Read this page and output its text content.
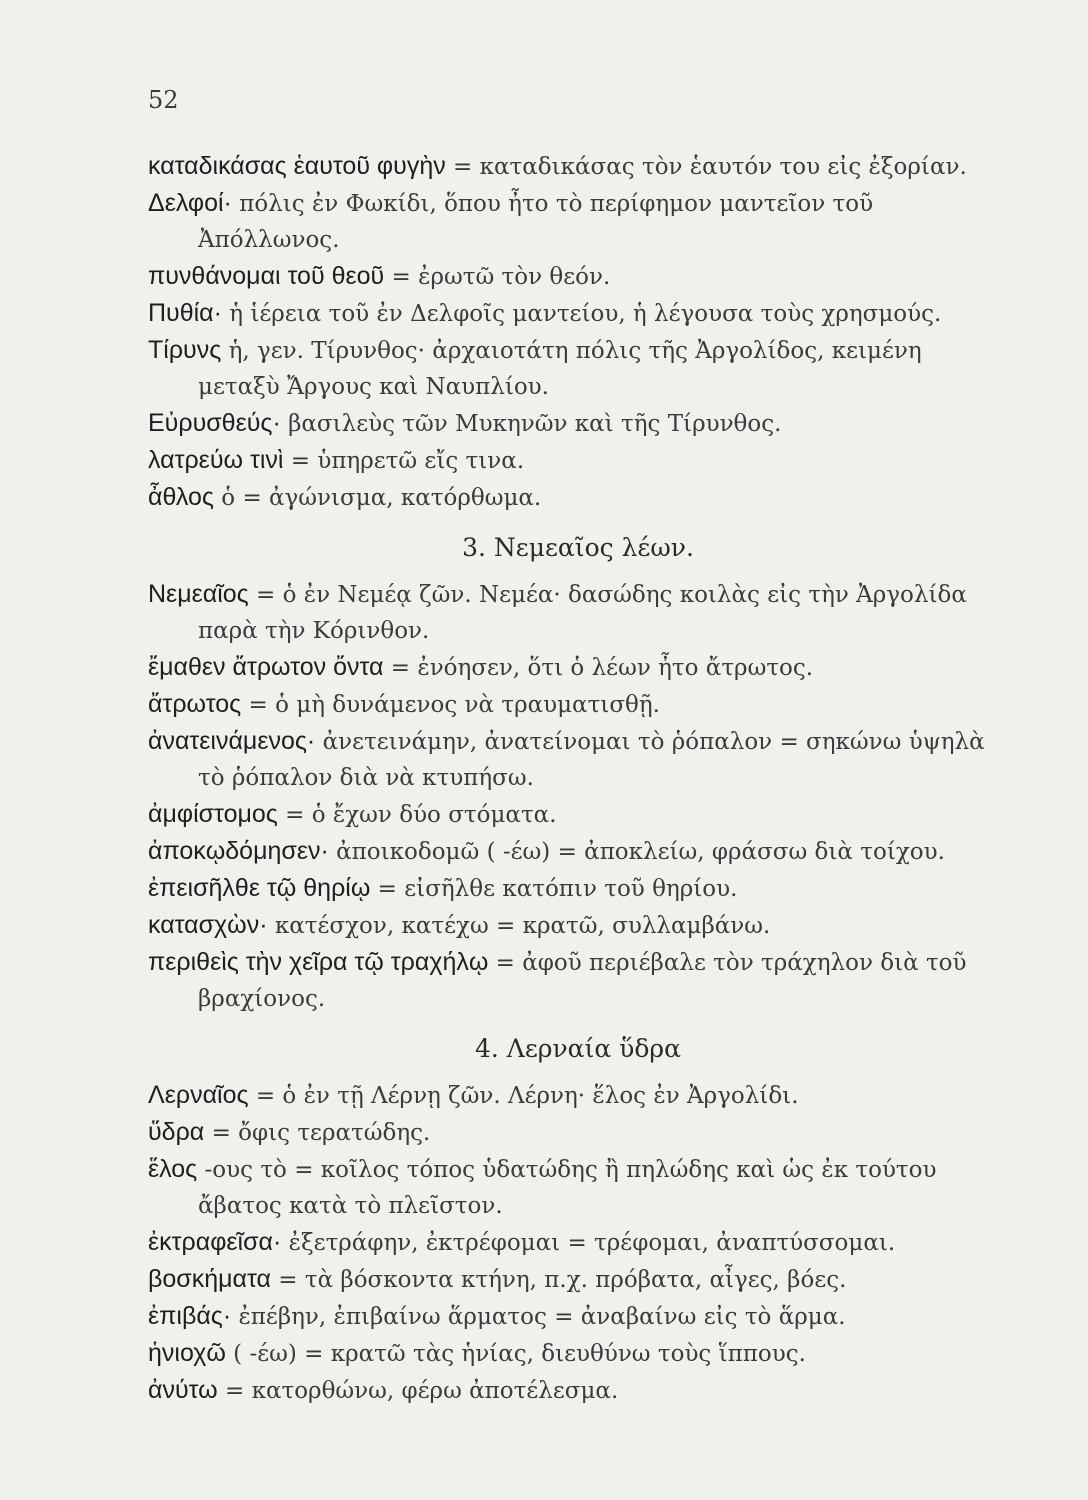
52

καταδικάσας ἑαυτοῦ φυγὴν = καταδικάσας τὸν ἑαυτόν του εἰς ἐξορίαν.

Δελφοί· πόλις ἐν Φωκίδι, ὅπου ἦτο τὸ περίφημον μαντεῖον τοῦ Ἀπόλλωνος.

πυνθάνομαι τοῦ θεοῦ = ἐρωτῶ τὸν θεόν.

Πυθία· ἡ ἱέρεια τοῦ ἐν Δελφοῖς μαντείου, ἡ λέγουσα τοὺς χρησμούς.

Τίρυνς ἡ, γεν. Τίρυνθος· ἀρχαιοτάτη πόλις τῆς Ἀργολίδος, κειμένη μεταξὺ Ἄργους καὶ Ναυπλίου.

Εὐρυσθεύς· βασιλεὺς τῶν Μυκηνῶν καὶ τῆς Τίρυνθος.

λατρεύω τινὶ = ὑπηρετῶ εἴς τινα.

ἆθλος ὁ = ἀγώνισμα, κατόρθωμα.

3. Νεμεαῖος λέων.

Νεμεαῖος = ὁ ἐν Νεμέᾳ ζῶν. Νεμέα· δασώδης κοιλὰς εἰς τὴν Ἀργολίδα παρὰ τὴν Κόρινθον.

ἔμαθεν ἄτρωτον ὄντα = ἐνόησεν, ὅτι ὁ λέων ἦτο ἄτρωτος.

ἄτρωτος = ὁ μὴ δυνάμενος νὰ τραυματισθῇ.

ἀνατεινάμενος· ἀνετεινάμην, ἀνατείνομαι τὸ ῥόπαλον = σηκώνω ὑψηλὰ τὸ ῥόπαλον διὰ νὰ κτυπήσω.

ἀμφίστομος = ὁ ἔχων δύο στόματα.

ἀποκῳδόμησεν· ἀποικοδομῶ ( -έω) = ἀποκλείω, φράσσω διὰ τοίχου.

ἐπεισῆλθε τῷ θηρίῳ = εἰσῆλθε κατόπιν τοῦ θηρίου.

κατασχὼν· κατέσχον, κατέχω = κρατῶ, συλλαμβάνω.

περιθεὶς τὴν χεῖρα τῷ τραχήλῳ = ἀφοῦ περιέβαλε τὸν τράχηλον διὰ τοῦ βραχίονος.

4. Λερναία ὕδρα

Λερναῖος = ὁ ἐν τῇ Λέρνῃ ζῶν. Λέρνη· ἕλος ἐν Ἀργολίδι.

ὕδρα = ὄφις τερατώδης.

ἕλος -ους τὸ = κοῖλος τόπος ὑδατώδης ἢ πηλώδης καὶ ὡς ἐκ τούτου ἄβατος κατὰ τὸ πλεῖστον.

ἐκτραφεῖσα· ἐξετράφην, ἐκτρέφομαι = τρέφομαι, ἀναπτύσσομαι.

βοσκήματα = τὰ βόσκοντα κτήνη, π.χ. πρόβατα, αἶγες, βόες.

ἐπιβάς· ἐπέβην, ἐπιβαίνω ἅρματος = ἀναβαίνω εἰς τὸ ἅρμα.

ἡνιοχῶ ( -έω) = κρατῶ τὰς ἡνίας, διευθύνω τοὺς ἵππους.

ἀνύτω = κατορθώνω, φέρω ἀποτέλεσμα.
